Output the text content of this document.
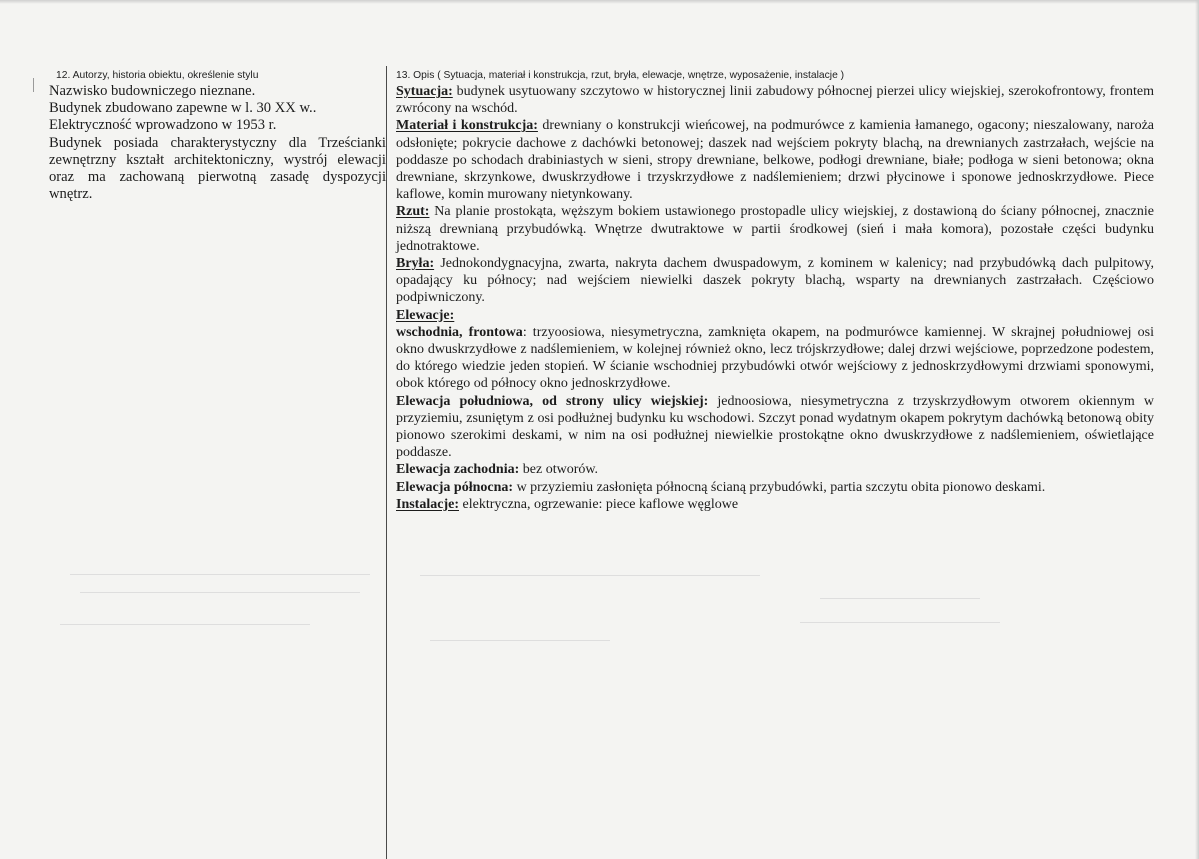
12. Autorzy, historia obiektu, określenie stylu

Nazwisko budowniczego nieznane.

Budynek zbudowano zapewne w l. 30 XX w..

Elektryczność wprowadzono w 1953 r.

Budynek posiada charakterystyczny dla Trześcianki

zewnętrzny kształt architektoniczny, wystrój elewacji

oraz ma zachowaną pierwotną zasadę dyspozycji

wnętrz.

13. Opis ( Sytuacja, materiał i konstrukcja, rzut, bryła, elewacje, wnętrze, wyposażenie, instalacje )

Sytuacja: budynek usytuowany szczytowo w historycznej linii zabudowy północnej pierzei ulicy wiejskiej, szerokofrontowy, frontem zwrócony na wschód.

Materiał i konstrukcja: drewniany o konstrukcji wieńcowej, na podmurówce z kamienia łamanego, ogacony; nieszalowany, naroża odsłonięte; pokrycie dachowe z dachówki betonowej; daszek nad wejściem pokryty blachą, na drewnianych zastrzałach, wejście na poddasze po schodach drabiniastych w sieni, stropy drewniane, belkowe, podłogi drewniane, białe; podłoga w sieni betonowa; okna drewniane, skrzynkowe, dwuskrzydłowe i trzyskrzydłowe z nadślemieniem; drzwi płycinowe i sponowe jednoskrzydłowe. Piece kaflowe, komin murowany nietynkowany.

Rzut: Na planie prostokąta, węższym bokiem ustawionego prostopadle ulicy wiejskiej, z dostawioną do ściany północnej, znacznie niższą drewnianą przybudówką. Wnętrze dwutraktowe w partii środkowej (sień i mała komora), pozostałe części budynku jednotraktowe.

Bryła: Jednokondygnacyjna, zwarta, nakryta dachem dwuspadowym, z kominem w kalenicy; nad przybudówką dach pulpitowy, opadający ku północy; nad wejściem niewielki daszek pokryty blachą, wsparty na drewnianych zastrzałach. Częściowo podpiwniczony.

Elewacje:

wschodnia, frontowa: trzyoosiowa, niesymetryczna, zamknięta okapem, na podmurówce kamiennej. W skrajnej południowej osi okno dwuskrzydłowe z nadślemieniem, w kolejnej również okno, lecz trójskrzydłowe; dalej drzwi wejściowe, poprzedzone podestem, do którego wiedzie jeden stopień. W ścianie wschodniej przybudówki otwór wejściowy z jednoskrzydłowymi drzwiami sponowymi, obok którego od północy okno jednoskrzydłowe.

Elewacja południowa, od strony ulicy wiejskiej: jednoosiowa, niesymetryczna z trzyskrzydłowym otworem okiennym w przyziemiu, zsuniętym z osi podłużnej budynku ku wschodowi. Szczyt ponad wydatnym okapem pokrytym dachówką betonową obity pionowo szerokimi deskami, w nim na osi podłużnej niewielkie prostokątne okno dwuskrzydłowe z nadślemieniem, oświetlające poddasze.

Elewacja zachodnia: bez otworów.

Elewacja północna: w przyziemiu zasłonięta północną ścianą przybudówki, partia szczytu obita pionowo deskami.

Instalacje: elektryczna, ogrzewanie: piece kaflowe węglowe
